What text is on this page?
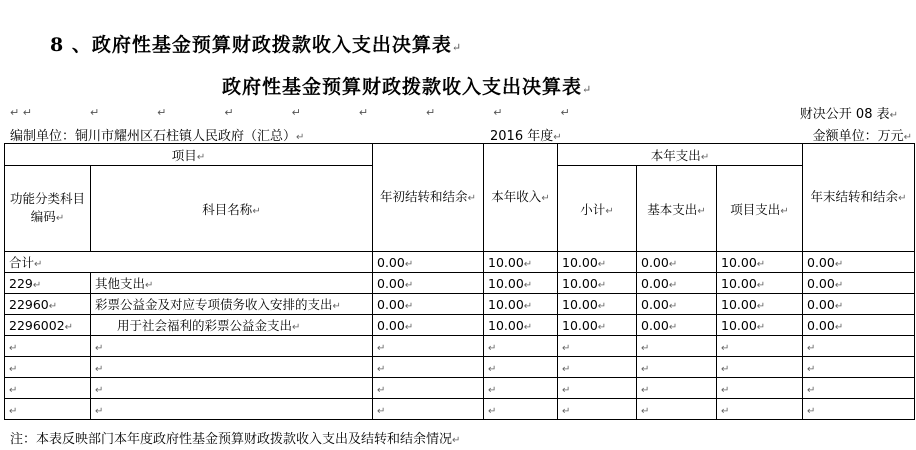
8 、政府性基金预算财政拨款收入支出决算表↵
政府性基金预算财政拨款收入支出决算表↵
↵ ↵	↵	↵	↵	↵	↵	↵	↵	↵	财决公开 08 表↵
编制单位：铜川市耀州区石柱镇人民政府（汇总）↵	2016 年度↵	金额单位：万元↵
项目↵		年初结转和结余↵	本年收入↵	本年支出↵			年末结转和结余↵
功能分类科目编码↵	科目名称↵			小计↵	基本支出↵	项目支出↵	
合计↵		0.00↵	10.00↵	10.00↵	0.00↵	10.00↵	0.00↵
229↵	其他支出↵	0.00↵	10.00↵	10.00↵	0.00↵	10.00↵	0.00↵
22960↵	彩票公益金及对应专项债务收入安排的支出↵	0.00↵	10.00↵	10.00↵	0.00↵	10.00↵	0.00↵
2296002↵	用于社会福利的彩票公益金支出↵	0.00↵	10.00↵	10.00↵	0.00↵	10.00↵	0.00↵
↵	↵	↵	↵	↵	↵	↵	↵
↵	↵	↵	↵	↵	↵	↵	↵
↵	↵	↵	↵	↵	↵	↵	↵
↵	↵	↵	↵	↵	↵	↵	↵
注：本表反映部门本年度政府性基金预算财政拨款收入支出及结转和结余情况↵
